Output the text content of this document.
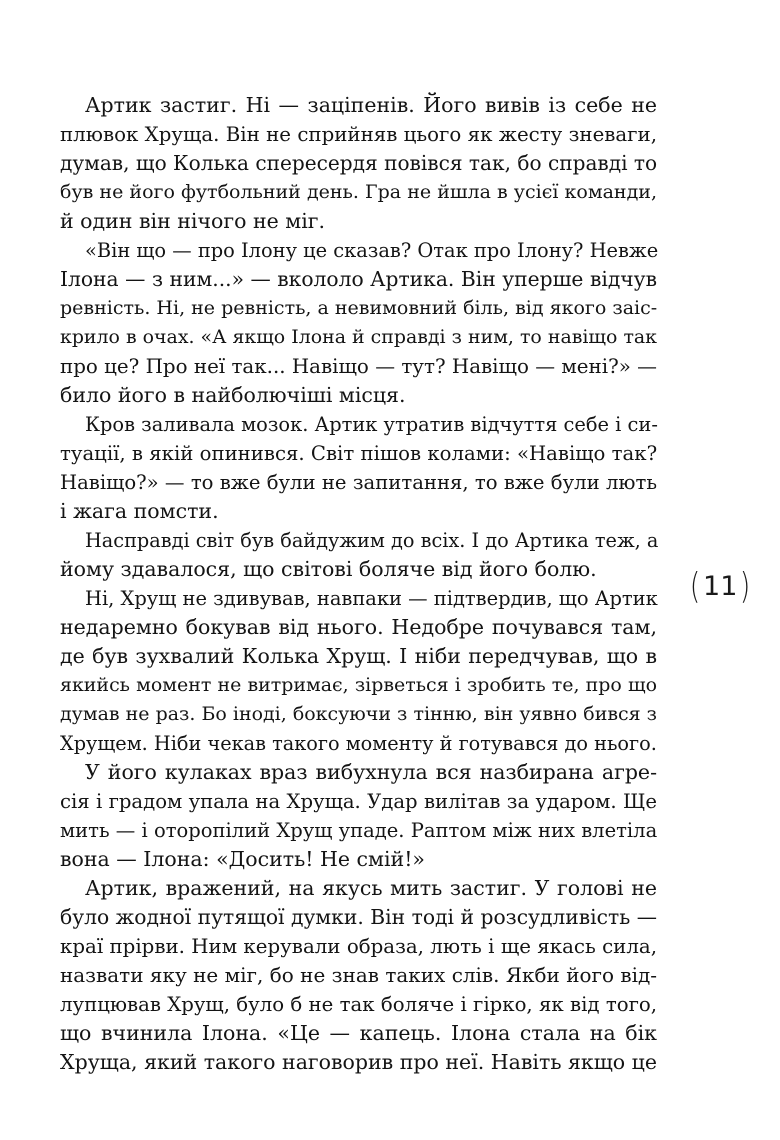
Артик застиг. Ні — заціпенів. Його вивів із себе не
плювок Хруща. Він не сприйняв цього як жесту зневаги,
думав, що Колька спересердя повівся так, бо справді то
був не його футбольний день. Гра не йшла в усієї команди,
й один він нічого не міг.
«Він що — про Ілону це сказав? Отак про Ілону? Невже
Ілона — з ним...» — вкололо Артика. Він уперше відчув
ревність. Ні, не ревність, а невимовний біль, від якого заіс-
крило в очах. «А якщо Ілона й справді з ним, то навіщо так
про це? Про неї так... Навіщо — тут? Навіщо — мені?» —
било його в найболючіші місця.
Кров заливала мозок. Артик утратив відчуття себе і си-
туації, в якій опинився. Світ пішов колами: «Навіщо так?
Навіщо?» — то вже були не запитання, то вже були лють
і жага помсти.
Насправді світ був байдужим до всіх. І до Артика теж, а
йому здавалося, що світові боляче від його болю.
Ні, Хрущ не здивував, навпаки — підтвердив, що Артик
недаремно бокував від нього. Недобре почувався там,
де був зухвалий Колька Хрущ. І ніби передчував, що в
якийсь момент не витримає, зірветься і зробить те, про що
думав не раз. Бо іноді, боксуючи з тінню, він уявно бився з
Хрущем. Ніби чекав такого моменту й готувався до нього.
У його кулаках враз вибухнула вся назбирана агре-
сія і градом упала на Хруща. Удар вилітав за ударом. Ще
мить — і оторопілий Хрущ упаде. Раптом між них влетіла
вона — Ілона: «Досить! Не смій!»
Артик, вражений, на якусь мить застиг. У голові не
було жодної путящої думки. Він тоді й розсудливість —
краї прірви. Ним керували образа, лють і ще якась сила,
назвати яку не міг, бо не знав таких слів. Якби його від-
лупцював Хрущ, було б не так боляче і гірко, як від того,
що вчинила Ілона. «Це — капець. Ілона стала на бік
Хруща, який такого наговорив про неї. Навіть якщо це
( 11 )
